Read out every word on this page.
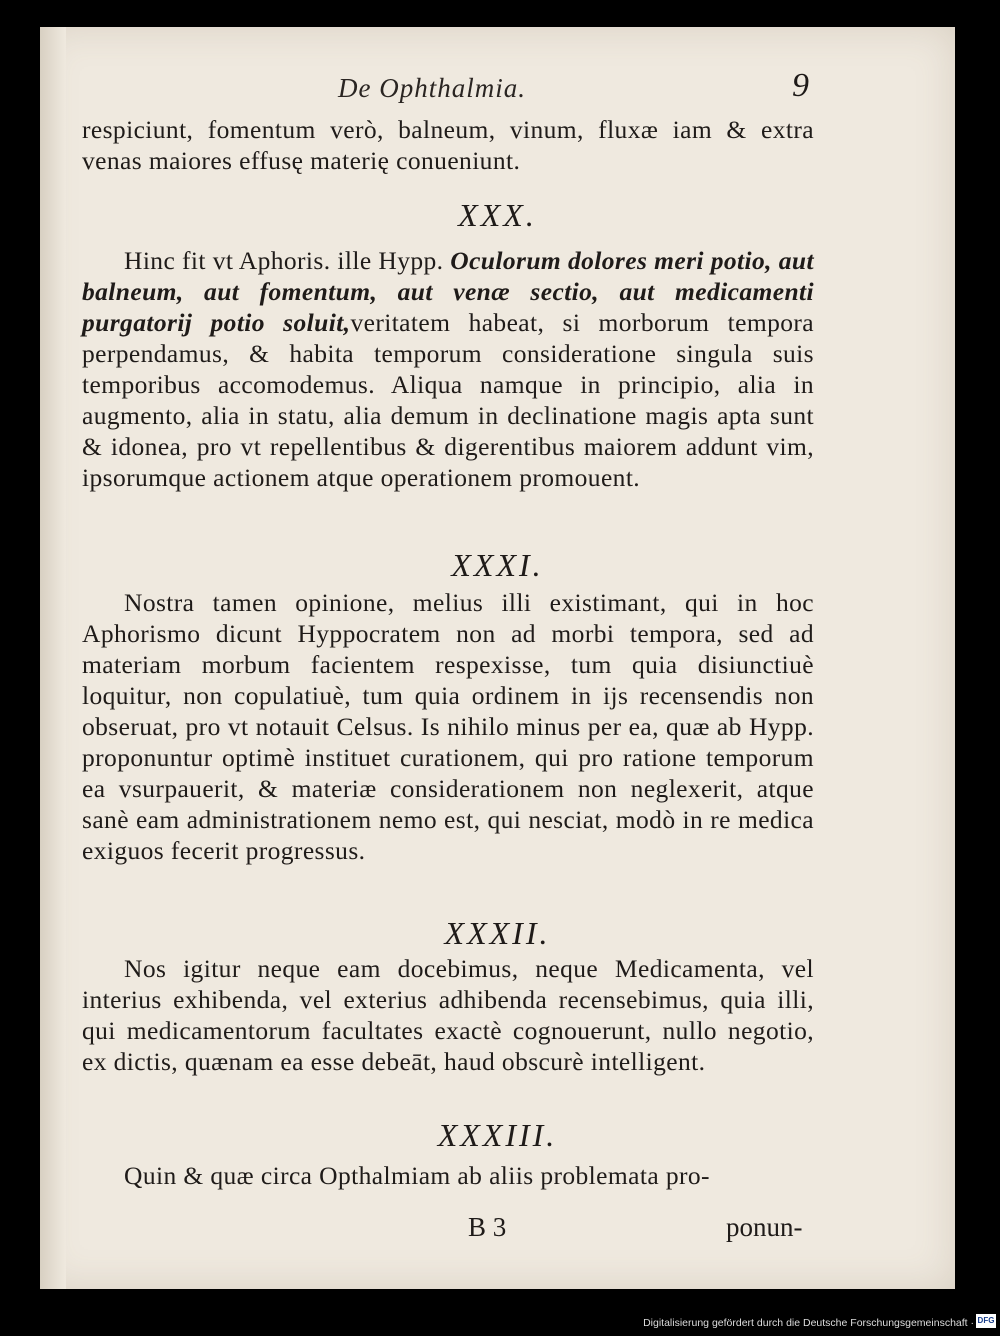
De Ophthalmia.	9
respiciunt, fomentum verò, balneum, vinum, fluxæ iam & extra venas maiores effusę materię conueniunt.
XXX.
Hinc fit vt Aphoris. ille Hypp. Oculorum dolores meri potio, aut balneum, aut fomentum, aut venæ sectio, aut medicamenti purgatorij potio soluit,veritatem habeat, si morborum tempora perpendamus, & habita temporum consideratione singula suis temporibus accomodemus. Aliqua namque in principio, alia in augmento, alia in statu, alia demum in declinatione magis apta sunt & idonea, pro vt repellentibus & digerentibus maiorem addunt vim, ipsorumque actionem atque operationem promouent.
XXXI.
Nostra tamen opinione, melius illi existimant, qui in hoc Aphorismo dicunt Hyppocratem non ad morbi tempora, sed ad materiam morbum facientem respexisse, tum quia disiunctiuè loquitur, non copulatiuè, tum quia ordinem in ijs recensendis non obseruat, pro vt notauit Celsus. Is nihilo minus per ea, quæ ab Hypp. proponuntur optimè instituet curationem, qui pro ratione temporum ea vsurpauerit, & materiæ considerationem non neglexerit, atque sanè eam administrationem nemo est, qui nesciat, modò in re medica exiguos fecerit progressus.
XXXII.
Nos igitur neque eam docebimus, neque Medicamenta, vel interius exhibenda, vel exterius adhibenda recensebimus, quia illi, qui medicamentorum facultates exactè cognouerunt, nullo negotio, ex dictis, quænam ea esse debeāt, haud obscurè intelligent.
XXXIII.
Quin & quæ circa Opthalmiam ab aliis problemata pro-
B 3	ponun-
Digitalisierung gefördert durch die Deutsche Forschungsgemeinschaft · DFG
